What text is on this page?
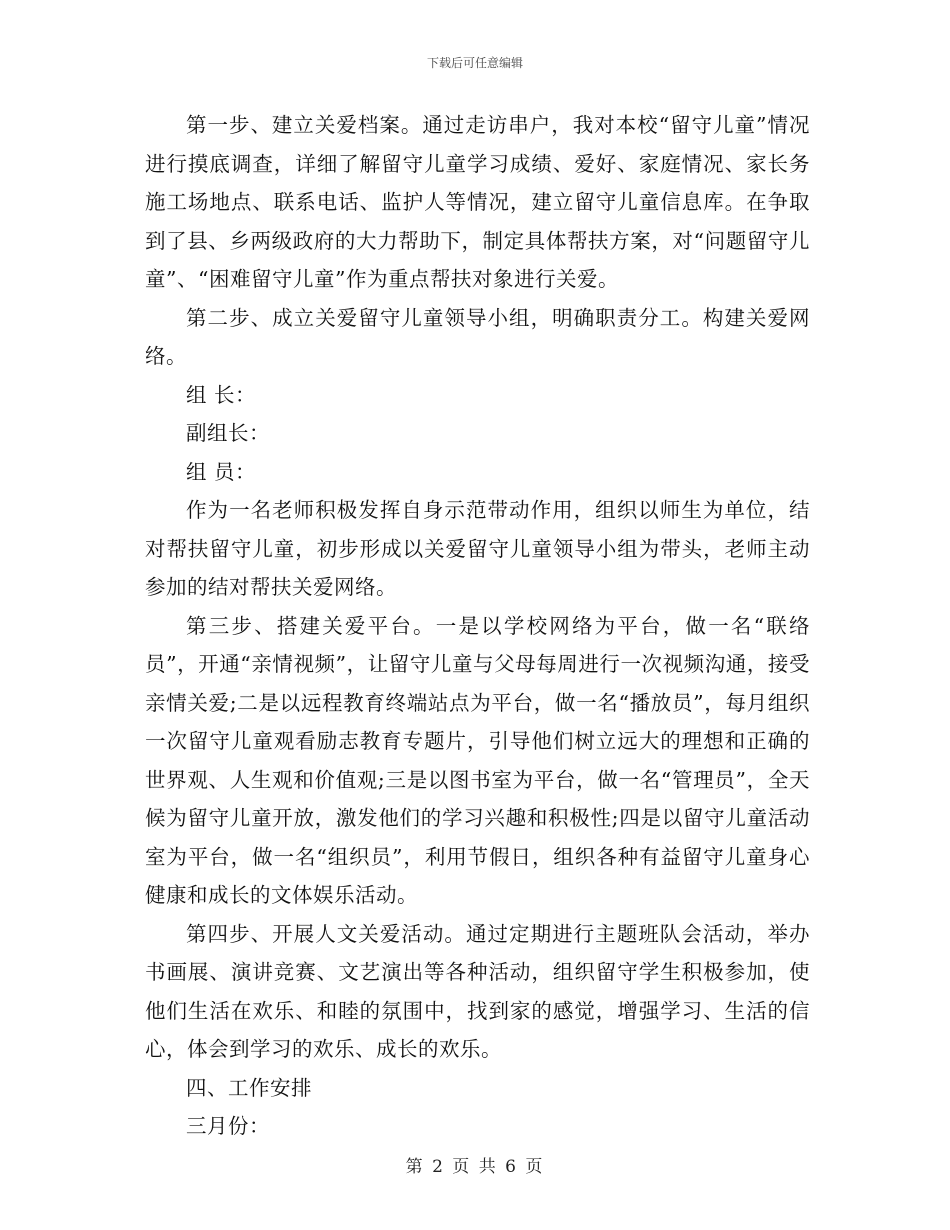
下载后可任意编辑

第一步、建立关爱档案。通过走访串户，我对本校“留守儿童”情况进行摸底调查，详细了解留守儿童学习成绩、爱好、家庭情况、家长务施工场地点、联系电话、监护人等情况，建立留守儿童信息库。在争取到了县、乡两级政府的大力帮助下，制定具体帮扶方案，对“问题留守儿童”、“困难留守儿童”作为重点帮扶对象进行关爱。

第二步、成立关爱留守儿童领导小组，明确职责分工。构建关爱网络。

组 长：

副组长：

组 员：

作为一名老师积极发挥自身示范带动作用，组织以师生为单位，结对帮扶留守儿童，初步形成以关爱留守儿童领导小组为带头，老师主动参加的结对帮扶关爱网络。

第三步、搭建关爱平台。一是以学校网络为平台，做一名“联络员”，开通“亲情视频”，让留守儿童与父母每周进行一次视频沟通，接受亲情关爱;二是以远程教育终端站点为平台，做一名“播放员”，每月组织一次留守儿童观看励志教育专题片，引导他们树立远大的理想和正确的世界观、人生观和价值观;三是以图书室为平台，做一名“管理员”，全天候为留守儿童开放，激发他们的学习兴趣和积极性;四是以留守儿童活动室为平台，做一名“组织员”，利用节假日，组织各种有益留守儿童身心健康和成长的文体娱乐活动。

第四步、开展人文关爱活动。通过定期进行主题班队会活动，举办书画展、演讲竞赛、文艺演出等各种活动，组织留守学生积极参加，使他们生活在欢乐、和睦的氛围中，找到家的感觉，增强学习、生活的信心，体会到学习的欢乐、成长的欢乐。

四、工作安排

三月份：

第 2 页 共 6 页
